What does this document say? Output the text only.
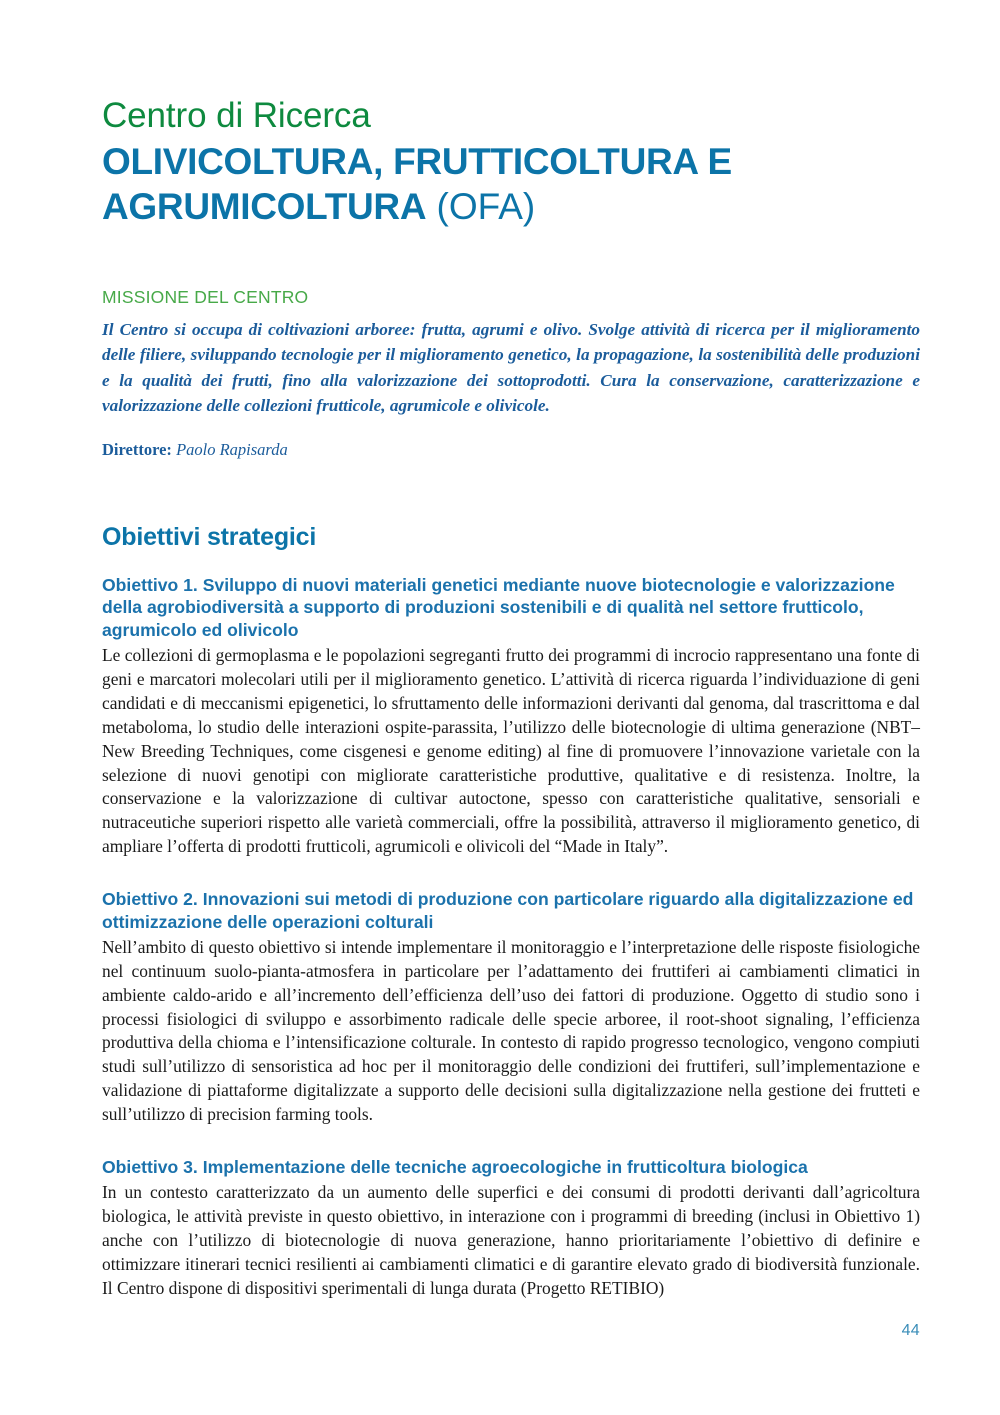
Centro di Ricerca
OLIVICOLTURA, FRUTTICOLTURA E AGRUMICOLTURA (OFA)
MISSIONE DEL CENTRO

Il Centro si occupa di coltivazioni arboree: frutta, agrumi e olivo. Svolge attività di ricerca per il miglioramento delle filiere, sviluppando tecnologie per il miglioramento genetico, la propagazione, la sostenibilità delle produzioni e la qualità dei frutti, fino alla valorizzazione dei sottoprodotti. Cura la conservazione, caratterizzazione e valorizzazione delle collezioni frutticole, agrumicole e olivicole.

Direttore: Paolo Rapisarda

Obiettivi strategici
Obiettivo 1. Sviluppo di nuovi materiali genetici mediante nuove biotecnologie e valorizzazione della agrobiodiversità a supporto di produzioni sostenibili e di qualità nel settore frutticolo, agrumicolo ed olivicolo

Le collezioni di germoplasma e le popolazioni segreganti frutto dei programmi di incrocio rappresentano una fonte di geni e marcatori molecolari utili per il miglioramento genetico. L’attività di ricerca riguarda l’individuazione di geni candidati e di meccanismi epigenetici, lo sfruttamento delle informazioni derivanti dal genoma, dal trascrittoma e dal metaboloma, lo studio delle interazioni ospite-parassita, l’utilizzo delle biotecnologie di ultima generazione (NBT–New Breeding Techniques, come cisgenesi e genome editing) al fine di promuovere l’innovazione varietale con la selezione di nuovi genotipi con migliorate caratteristiche produttive, qualitative e di resistenza. Inoltre, la conservazione e la valorizzazione di cultivar autoctone, spesso con caratteristiche qualitative, sensoriali e nutraceutiche superiori rispetto alle varietà commerciali, offre la possibilità, attraverso il miglioramento genetico, di ampliare l’offerta di prodotti frutticoli, agrumicoli e olivicoli del “Made in Italy”.

Obiettivo 2. Innovazioni sui metodi di produzione con particolare riguardo alla digitalizzazione ed ottimizzazione delle operazioni colturali

Nell’ambito di questo obiettivo si intende implementare il monitoraggio e l’interpretazione delle risposte fisiologiche nel continuum suolo-pianta-atmosfera in particolare per l’adattamento dei fruttiferi ai cambiamenti climatici in ambiente caldo-arido e all’incremento dell’efficienza dell’uso dei fattori di produzione. Oggetto di studio sono i processi fisiologici di sviluppo e assorbimento radicale delle specie arboree, il root-shoot signaling, l’efficienza produttiva della chioma e l’intensificazione colturale. In contesto di rapido progresso tecnologico, vengono compiuti studi sull’utilizzo di sensoristica ad hoc per il monitoraggio delle condizioni dei fruttiferi, sull’implementazione e validazione di piattaforme digitalizzate a supporto delle decisioni sulla digitalizzazione nella gestione dei frutteti e sull’utilizzo di precision farming tools.

Obiettivo 3. Implementazione delle tecniche agroecologiche in frutticoltura biologica

In un contesto caratterizzato da un aumento delle superfici e dei consumi di prodotti derivanti dall’agricoltura biologica, le attività previste in questo obiettivo, in interazione con i programmi di breeding (inclusi in Obiettivo 1) anche con l’utilizzo di biotecnologie di nuova generazione, hanno prioritariamente l’obiettivo di definire e ottimizzare itinerari tecnici resilienti ai cambiamenti climatici e di garantire elevato grado di biodiversità funzionale. Il Centro dispone di dispositivi sperimentali di lunga durata (Progetto RETIBIO)

44
